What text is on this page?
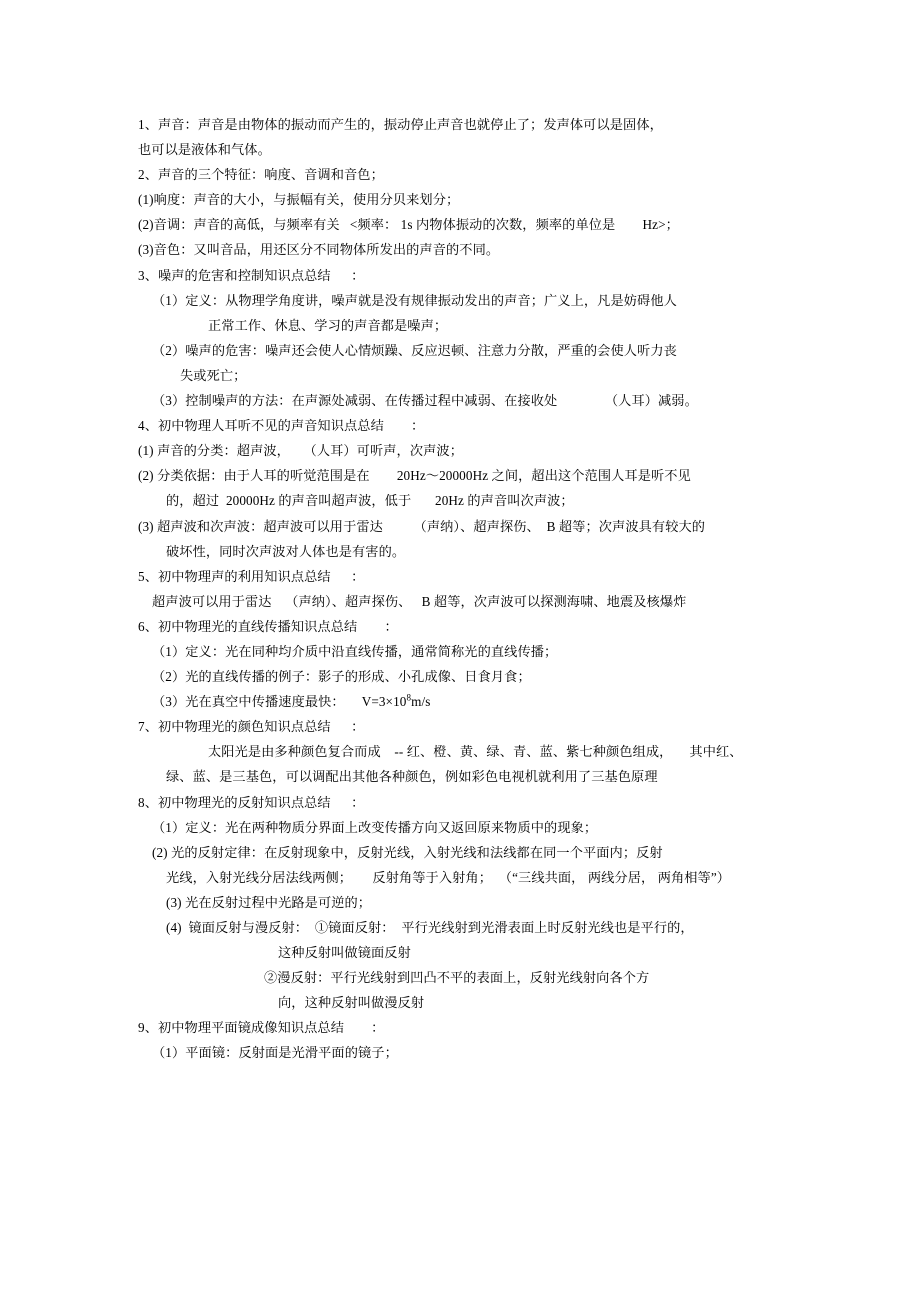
1、声音：声音是由物体的振动而产生的，振动停止声音也就停止了；发声体可以是固体，
也可以是液体和气体。
2、声音的三个特征：响度、音调和音色；
(1)响度：声音的大小，与振幅有关，使用分贝来划分；
(2)音调：声音的高低，与频率有关   <频率： 1s 内物体振动的次数，频率的单位是        Hz>；
(3)音色：又叫音品，用还区分不同物体所发出的声音的不同。
3、噪声的危害和控制知识点总结      ：
（1）定义：从物理学角度讲，噪声就是没有规律振动发出的声音；广义上，凡是妨碍他人
正常工作、休息、学习的声音都是噪声；
（2）噪声的危害：噪声还会使人心情烦躁、反应迟顿、注意力分散，严重的会使人听力丧
失或死亡；
（3）控制噪声的方法：在声源处减弱、在传播过程中减弱、在接收处              （人耳）减弱。
4、初中物理人耳听不见的声音知识点总结        ：
(1) 声音的分类：超声波，    （人耳）可听声，次声波；
(2) 分类依据：由于人耳的听觉范围是在        20Hz～20000Hz 之间，超出这个范围人耳是听不见
的，超过  20000Hz 的声音叫超声波，低于       20Hz 的声音叫次声波；
(3) 超声波和次声波：超声波可以用于雷达         （声纳）、超声探伤、  B 超等；次声波具有较大的
破坏性，同时次声波对人体也是有害的。
5、初中物理声的利用知识点总结      ：
超声波可以用于雷达    （声纳）、超声探伤、   B 超等，次声波可以探测海啸、地震及核爆炸
6、初中物理光的直线传播知识点总结        ：
（1）定义：光在同种均介质中沿直线传播，通常简称光的直线传播；
（2）光的直线传播的例子：影子的形成、小孔成像、日食月食；
（3）光在真空中传播速度最快：     $V=3\times 10^8m/s$
7、初中物理光的颜色知识点总结      ：
太阳光是由多种颜色复合而成    -- 红、橙、黄、绿、青、蓝、紫七种颜色组成，     其中红、
绿、蓝、是三基色，可以调配出其他各种颜色，例如彩色电视机就利用了三基色原理
8、初中物理光的反射知识点总结      ：
（1）定义：光在两种物质分界面上改变传播方向又返回原来物质中的现象；
(2) 光的反射定律：在反射现象中，反射光线，入射光线和法线都在同一个平面内；反射
光线，入射光线分居法线两侧；      反射角等于入射角；  （“三线共面， 两线分居， 两角相等”）
(3) 光在反射过程中光路是可逆的；
(4)  镜面反射与漫反射：  ①镜面反射：  平行光线射到光滑表面上时反射光线也是平行的，
这种反射叫做镜面反射
②漫反射：平行光线射到凹凸不平的表面上，反射光线射向各个方
向，这种反射叫做漫反射
9、初中物理平面镜成像知识点总结        ：
（1）平面镜：反射面是光滑平面的镜子；
